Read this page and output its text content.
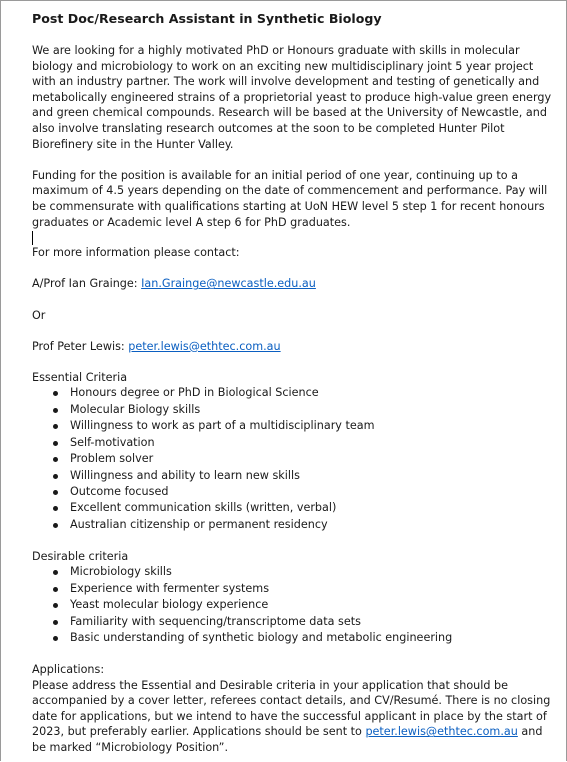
Post Doc/Research Assistant in Synthetic Biology

We are looking for a highly motivated PhD or Honours graduate with skills in molecular biology and microbiology to work on an exciting new multidisciplinary joint 5 year project with an industry partner. The work will involve development and testing of genetically and metabolically engineered strains of a proprietorial yeast to produce high-value green energy and green chemical compounds. Research will be based at the University of Newcastle, and also involve translating research outcomes at the soon to be completed Hunter Pilot Biorefinery site in the Hunter Valley.

Funding for the position is available for an initial period of one year, continuing up to a maximum of 4.5 years depending on the date of commencement and performance. Pay will be commensurate with qualifications starting at UoN HEW level 5 step 1 for recent honours graduates or Academic level A step 6 for PhD graduates.

For more information please contact:

A/Prof Ian Grainge: Ian.Grainge@newcastle.edu.au

Or

Prof Peter Lewis: peter.lewis@ethtec.com.au

Essential Criteria

Honours degree or PhD in Biological Science
Molecular Biology skills
Willingness to work as part of a multidisciplinary team
Self-motivation
Problem solver
Willingness and ability to learn new skills
Outcome focused
Excellent communication skills (written, verbal)
Australian citizenship or permanent residency

Desirable criteria

Microbiology skills
Experience with fermenter systems
Yeast molecular biology experience
Familiarity with sequencing/transcriptome data sets
Basic understanding of synthetic biology and metabolic engineering

Applications:

Please address the Essential and Desirable criteria in your application that should be accompanied by a cover letter, referees contact details, and CV/Resumé. There is no closing date for applications, but we intend to have the successful applicant in place by the start of 2023, but preferably earlier. Applications should be sent to peter.lewis@ethtec.com.au and be marked “Microbiology Position”.
